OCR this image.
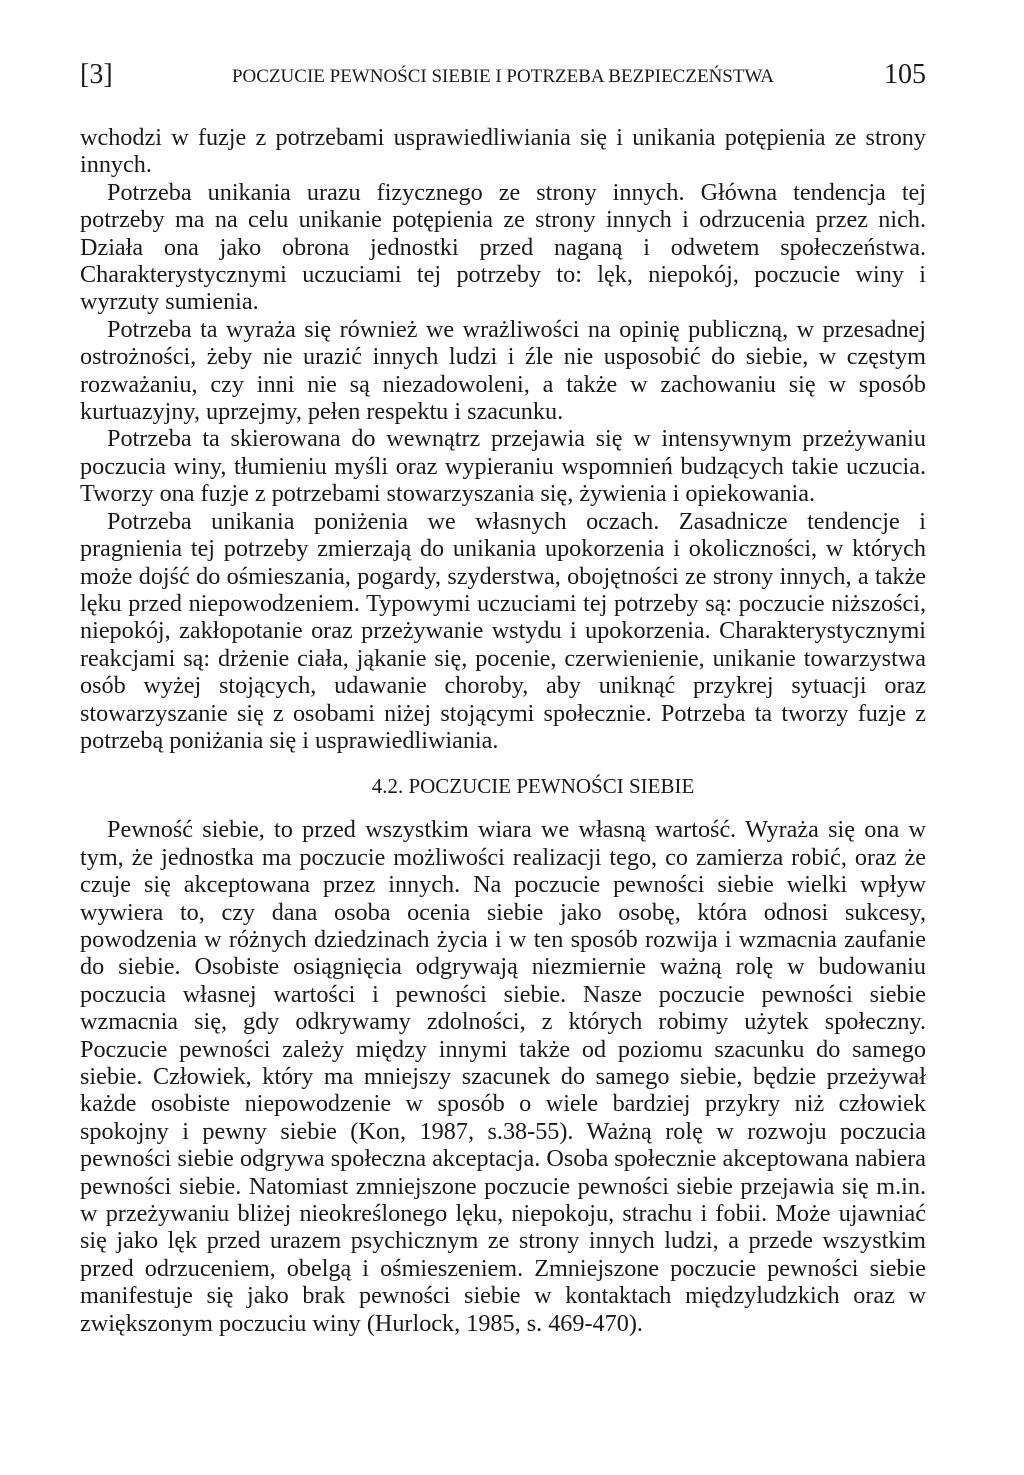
[3]	POCZUCIE PEWNOŚCI SIEBIE I POTRZEBA BEZPIECZEŃSTWA	105

wchodzi w fuzje z potrzebami usprawiedliwiania się i unikania potępienia ze strony innych.

Potrzeba unikania urazu fizycznego ze strony innych. Główna tendencja tej potrzeby ma na celu unikanie potępienia ze strony innych i odrzucenia przez nich. Działa ona jako obrona jednostki przed naganą i odwetem społeczeństwa. Charakterystycznymi uczuciami tej potrzeby to: lęk, niepokój, poczucie winy i wyrzuty sumienia.

Potrzeba ta wyraża się również we wrażliwości na opinię publiczną, w przesadnej ostrożności, żeby nie urazić innych ludzi i źle nie usposobić do siebie, w częstym rozważaniu, czy inni nie są niezadowoleni, a także w zachowaniu się w sposób kurtuazyjny, uprzejmy, pełen respektu i szacunku.

Potrzeba ta skierowana do wewnątrz przejawia się w intensywnym przeżywaniu poczucia winy, tłumieniu myśli oraz wypieraniu wspomnień budzących takie uczucia. Tworzy ona fuzje z potrzebami stowarzyszania się, żywienia i opiekowania.

Potrzeba unikania poniżenia we własnych oczach. Zasadnicze tendencje i pragnienia tej potrzeby zmierzają do unikania upokorzenia i okoliczności, w których może dojść do ośmieszania, pogardy, szyderstwa, obojętności ze strony innych, a także lęku przed niepowodzeniem. Typowymi uczuciami tej potrzeby są: poczucie niższości, niepokój, zakłopotanie oraz przeżywanie wstydu i upokorzenia. Charakterystycznymi reakcjami są: drżenie ciała, jąkanie się, pocenie, czerwienienie, unikanie towarzystwa osób wyżej stojących, udawanie choroby, aby uniknąć przykrej sytuacji oraz stowarzyszanie się z osobami niżej stojącymi społecznie. Potrzeba ta tworzy fuzje z potrzebą poniżania się i usprawiedliwiania.

4.2. POCZUCIE PEWNOŚCI SIEBIE

Pewność siebie, to przed wszystkim wiara we własną wartość. Wyraża się ona w tym, że jednostka ma poczucie możliwości realizacji tego, co zamierza robić, oraz że czuje się akceptowana przez innych. Na poczucie pewności siebie wielki wpływ wywiera to, czy dana osoba ocenia siebie jako osobę, która odnosi sukcesy, powodzenia w różnych dziedzinach życia i w ten sposób rozwija i wzmacnia zaufanie do siebie. Osobiste osiągnięcia odgrywają niezmiernie ważną rolę w budowaniu poczucia własnej wartości i pewności siebie. Nasze poczucie pewności siebie wzmacnia się, gdy odkrywamy zdolności, z których robimy użytek społeczny. Poczucie pewności zależy między innymi także od poziomu szacunku do samego siebie. Człowiek, który ma mniejszy szacunek do samego siebie, będzie przeżywał każde osobiste niepowodzenie w sposób o wiele bardziej przykry niż człowiek spokojny i pewny siebie (Kon, 1987, s.38-55). Ważną rolę w rozwoju poczucia pewności siebie odgrywa społeczna akceptacja. Osoba społecznie akceptowana nabiera pewności siebie. Natomiast zmniejszone poczucie pewności siebie przejawia się m.in. w przeżywaniu bliżej nieokreślonego lęku, niepokoju, strachu i fobii. Może ujawniać się jako lęk przed urazem psychicznym ze strony innych ludzi, a przede wszystkim przed odrzuceniem, obelgą i ośmieszeniem. Zmniejszone poczucie pewności siebie manifestuje się jako brak pewności siebie w kontaktach międzyludzkich oraz w zwiększonym poczuciu winy (Hurlock, 1985, s. 469-470).
